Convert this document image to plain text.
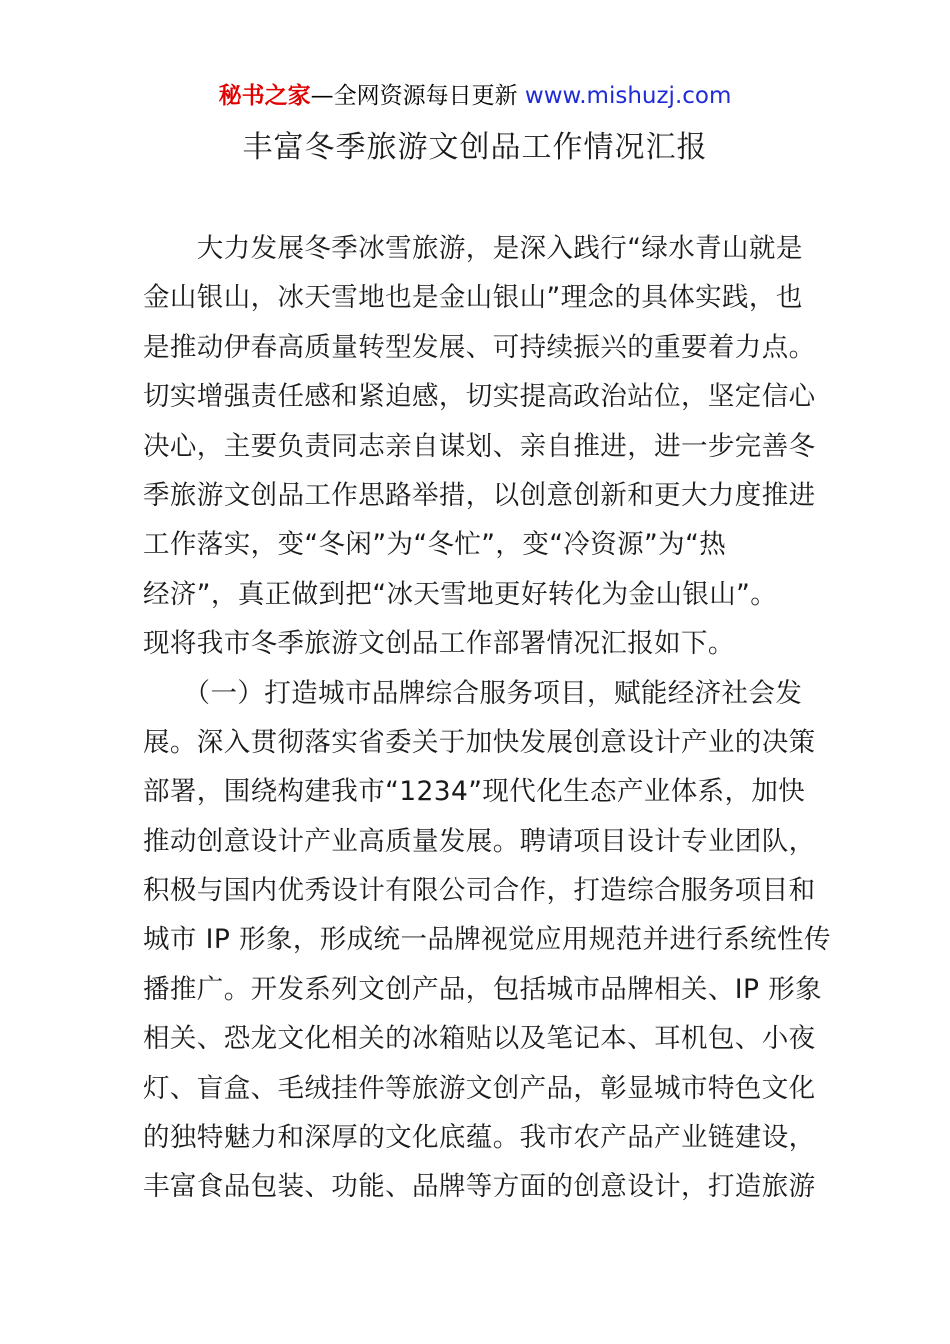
秘书之家—全网资源每日更新 www.mishuzj.com
丰富冬季旅游文创品工作情况汇报
　　大力发展冬季冰雪旅游，是深入践行“绿水青山就是
金山银山，冰天雪地也是金山银山”理念的具体实践，也
是推动伊春高质量转型发展、可持续振兴的重要着力点。
切实增强责任感和紧迫感，切实提高政治站位，坚定信心
决心，主要负责同志亲自谋划、亲自推进，进一步完善冬
季旅游文创品工作思路举措，以创意创新和更大力度推进
工作落实，变“冬闲”为“冬忙”，变“冷资源”为“热
经济”，真正做到把“冰天雪地更好转化为金山银山”。
现将我市冬季旅游文创品工作部署情况汇报如下。
　　（一）打造城市品牌综合服务项目，赋能经济社会发
展。深入贯彻落实省委关于加快发展创意设计产业的决策
部署，围绕构建我市“1234”现代化生态产业体系，加快
推动创意设计产业高质量发展。聘请项目设计专业团队，
积极与国内优秀设计有限公司合作，打造综合服务项目和
城市 IP 形象，形成统一品牌视觉应用规范并进行系统性传
播推广。开发系列文创产品，包括城市品牌相关、IP 形象
相关、恐龙文化相关的冰箱贴以及笔记本、耳机包、小夜
灯、盲盒、毛绒挂件等旅游文创产品，彰显城市特色文化
的独特魅力和深厚的文化底蕴。我市农产品产业链建设，
丰富食品包装、功能、品牌等方面的创意设计，打造旅游
